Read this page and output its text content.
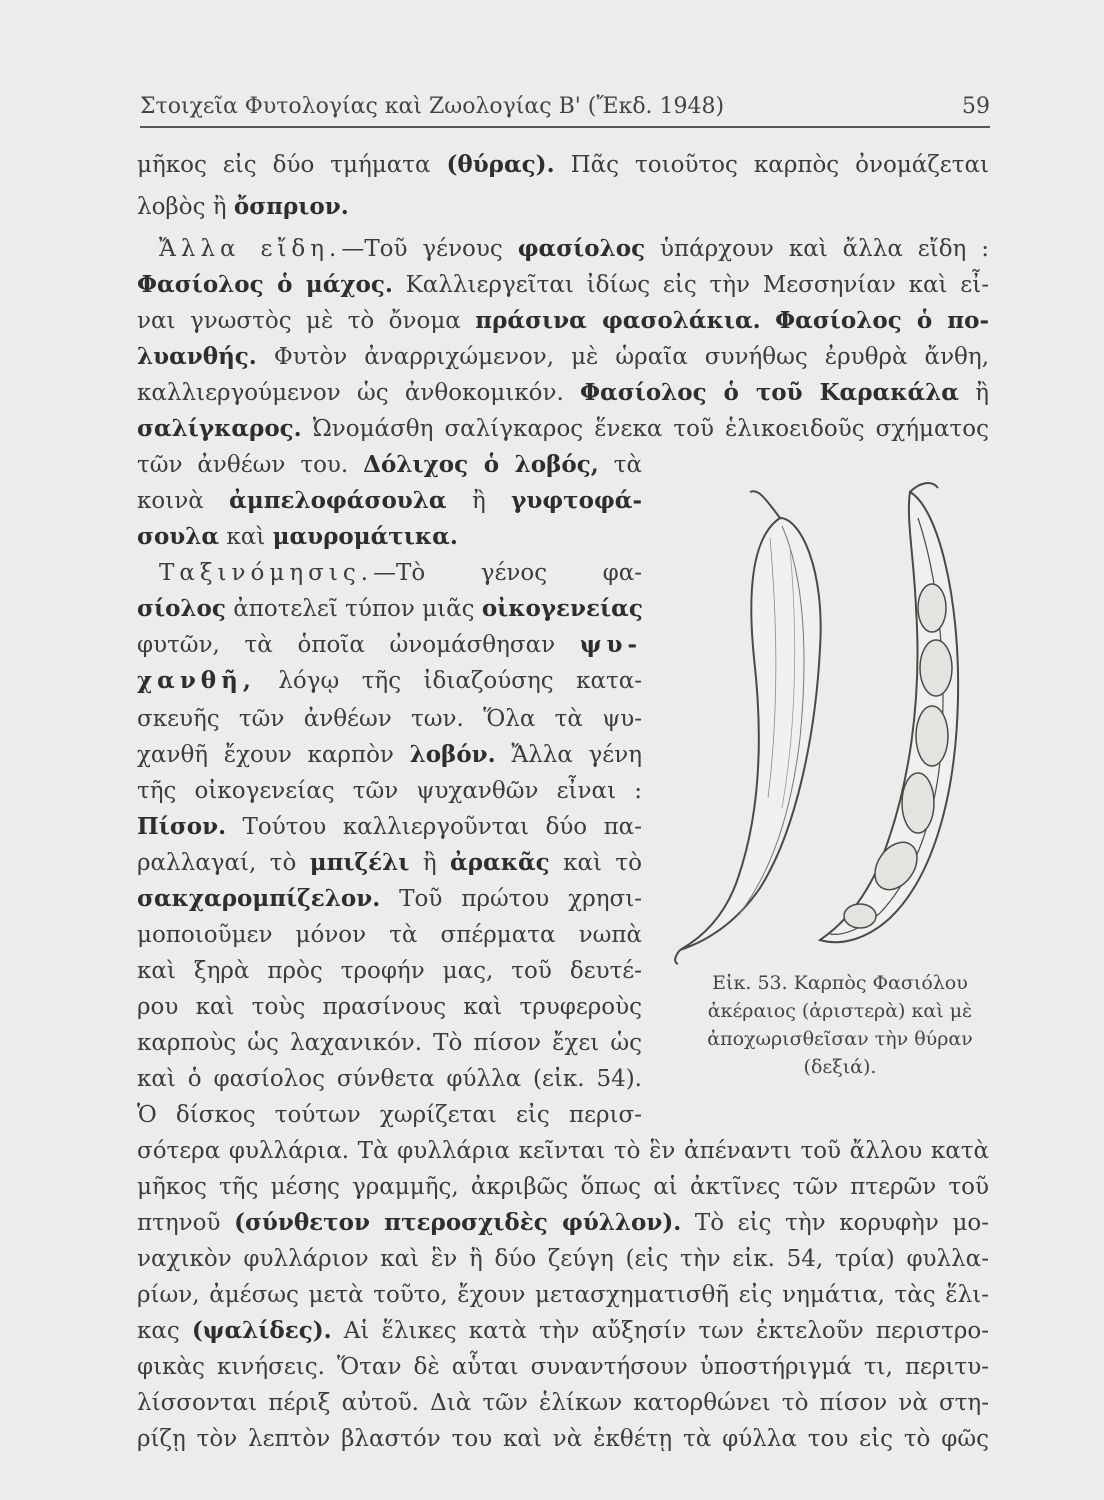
Στοιχεῖα Φυτολογίας καὶ Ζωολογίας Β' (Ἔκδ. 1948)	59
μῆκος εἰς δύο τμήματα (θύρας). Πᾶς τοιοῦτος καρπὸς ὀνομάζεται
λοβὸς ἢ ὄσπριον.
Ἄλλα εἴδη.—Τοῦ γένους φασίολος ὑπάρχουν καὶ ἄλλα εἴδη :
Φασίολος ὁ μάχος. Καλλιεργεῖται ἰδίως εἰς τὴν Μεσσηνίαν καὶ εἶ-
ναι γνωστὸς μὲ τὸ ὄνομα πράσινα φασολάκια. Φασίολος ὁ πο-
λυανθής. Φυτὸν ἀναρριχώμενον, μὲ ὡραῖα συνήθως ἐρυθρὰ ἄνθη,
καλλιεργούμενον ὡς ἀνθοκομικόν. Φασίολος ὁ τοῦ Καρακάλα ἢ
σαλίγκαρος. Ὠνομάσθη σαλίγκαρος ἕνεκα τοῦ ἑλικοειδοῦς σχήματος
τῶν ἀνθέων του. Δόλιχος ὁ λοβός, τὰ
κοινὰ ἀμπελοφάσουλα ἢ γυφτοφά-
σουλα καὶ μαυρομάτικα.
Ταξινόμησις.—Τὸ γένος φα-
σίολος ἀποτελεῖ τύπον μιᾶς οἰκογενείας
φυτῶν, τὰ ὁποῖα ὠνομάσθησαν ψυ-
χανθῆ, λόγῳ τῆς ἰδιαζούσης κατα-
σκευῆς τῶν ἀνθέων των. Ὅλα τὰ ψυ-
χανθῆ ἔχουν καρπὸν λοβόν. Ἄλλα γένη
τῆς οἰκογενείας τῶν ψυχανθῶν εἶναι :
Πίσον. Τούτου καλλιεργοῦνται δύο πα-
ραλλαγαί, τὸ μπιζέλι ἢ ἀρακᾶς καὶ τὸ
σακχαρομπίζελον. Τοῦ πρώτου χρησι-
μοποιοῦμεν μόνον τὰ σπέρματα νωπὰ
καὶ ξηρὰ πρὸς τροφήν μας, τοῦ δευτέ-
ρου καὶ τοὺς πρασίνους καὶ τρυφεροὺς
καρποὺς ὡς λαχανικόν. Τὸ πίσον ἔχει ὡς
καὶ ὁ φασίολος σύνθετα φύλλα (εἰκ. 54).
Ὁ δίσκος τούτων χωρίζεται εἰς περισ-
σότερα φυλλάρια. Τὰ φυλλάρια κεῖνται τὸ ἓν ἀπέναντι τοῦ ἄλλου κατὰ
μῆκος τῆς μέσης γραμμῆς, ἀκριβῶς ὅπως αἱ ἀκτῖνες τῶν πτερῶν τοῦ
πτηνοῦ (σύνθετον πτεροσχιδὲς φύλλον). Τὸ εἰς τὴν κορυφὴν μο-
ναχικὸν φυλλάριον καὶ ἓν ἢ δύο ζεύγη (εἰς τὴν εἰκ. 54, τρία) φυλλα-
ρίων, ἀμέσως μετὰ τοῦτο, ἔχουν μετασχηματισθῆ εἰς νημάτια, τὰς ἕλι-
κας (ψαλίδες). Αἱ ἕλικες κατὰ τὴν αὔξησίν των ἐκτελοῦν περιστρο-
φικὰς κινήσεις. Ὅταν δὲ αὗται συναντήσουν ὑποστήριγμά τι, περιτυ-
λίσσονται πέριξ αὐτοῦ. Διὰ τῶν ἑλίκων κατορθώνει τὸ πίσον νὰ στη-
ρίζῃ τὸν λεπτὸν βλαστόν του καὶ νὰ ἐκθέτῃ τὰ φύλλα του εἰς τὸ φῶς
Εἰκ. 53. Καρπὸς Φασιόλου
ἀκέραιος (ἀριστερὰ) καὶ μὲ
ἀποχωρισθεῖσαν τὴν θύραν
(δεξιά).
